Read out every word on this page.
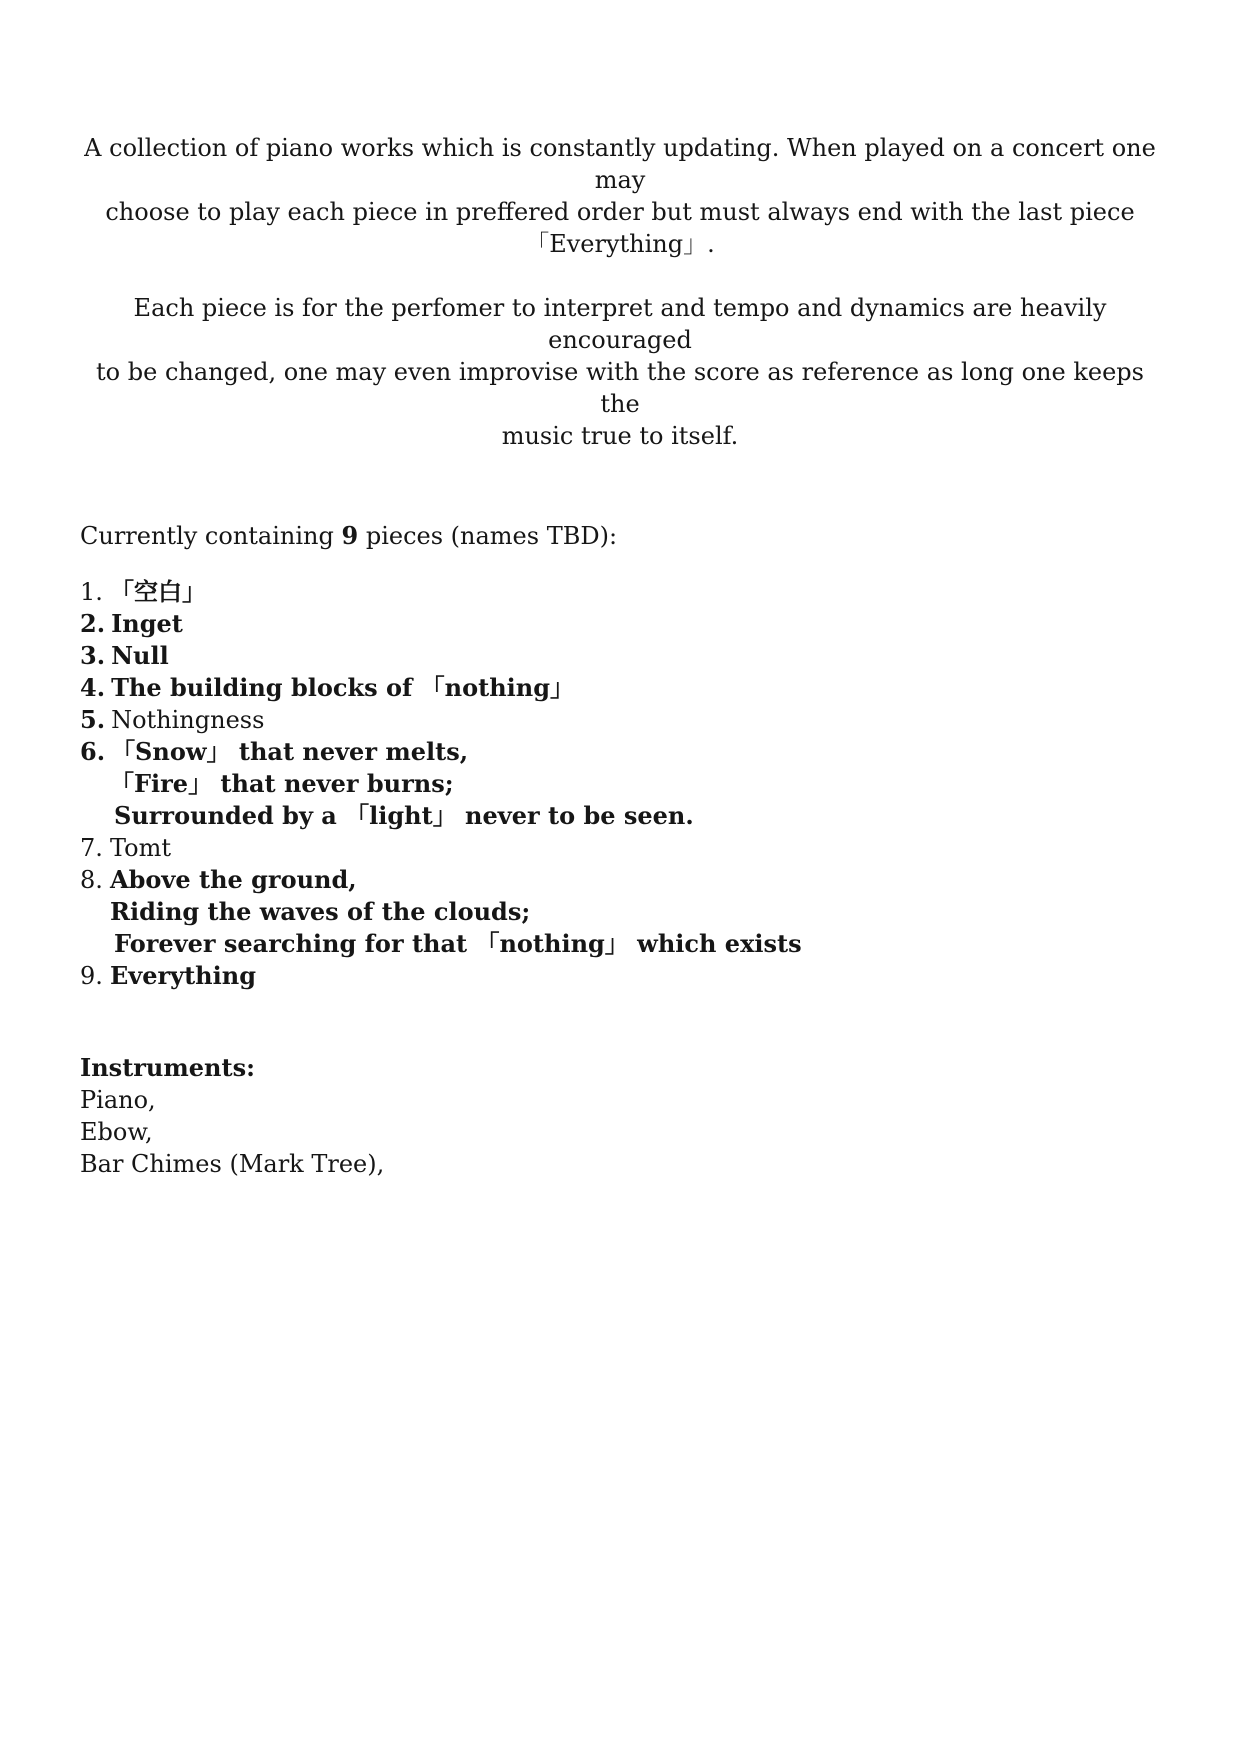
A collection of piano works which is constantly updating. When played on a concert one may
choose to play each piece in preffered order but must always end with the last piece
「Everything」.
Each piece is for the perfomer to interpret and tempo and dynamics are heavily encouraged
to be changed, one may even improvise with the score as reference as long one keeps the
music true to itself.
Currently containing 9 pieces (names TBD):
1. 「空白」
2. Inget
3. Null
4. The building blocks of 「nothing」
5. Nothingness
6. 「Snow」 that never melts,
「Fire」 that never burns;
Surrounded by a 「light」 never to be seen.
7. Tomt
8. Above the ground,
Riding the waves of the clouds;
Forever searching for that 「nothing」 which exists
9. Everything
Instruments:
Piano,
Ebow,
Bar Chimes (Mark Tree),
